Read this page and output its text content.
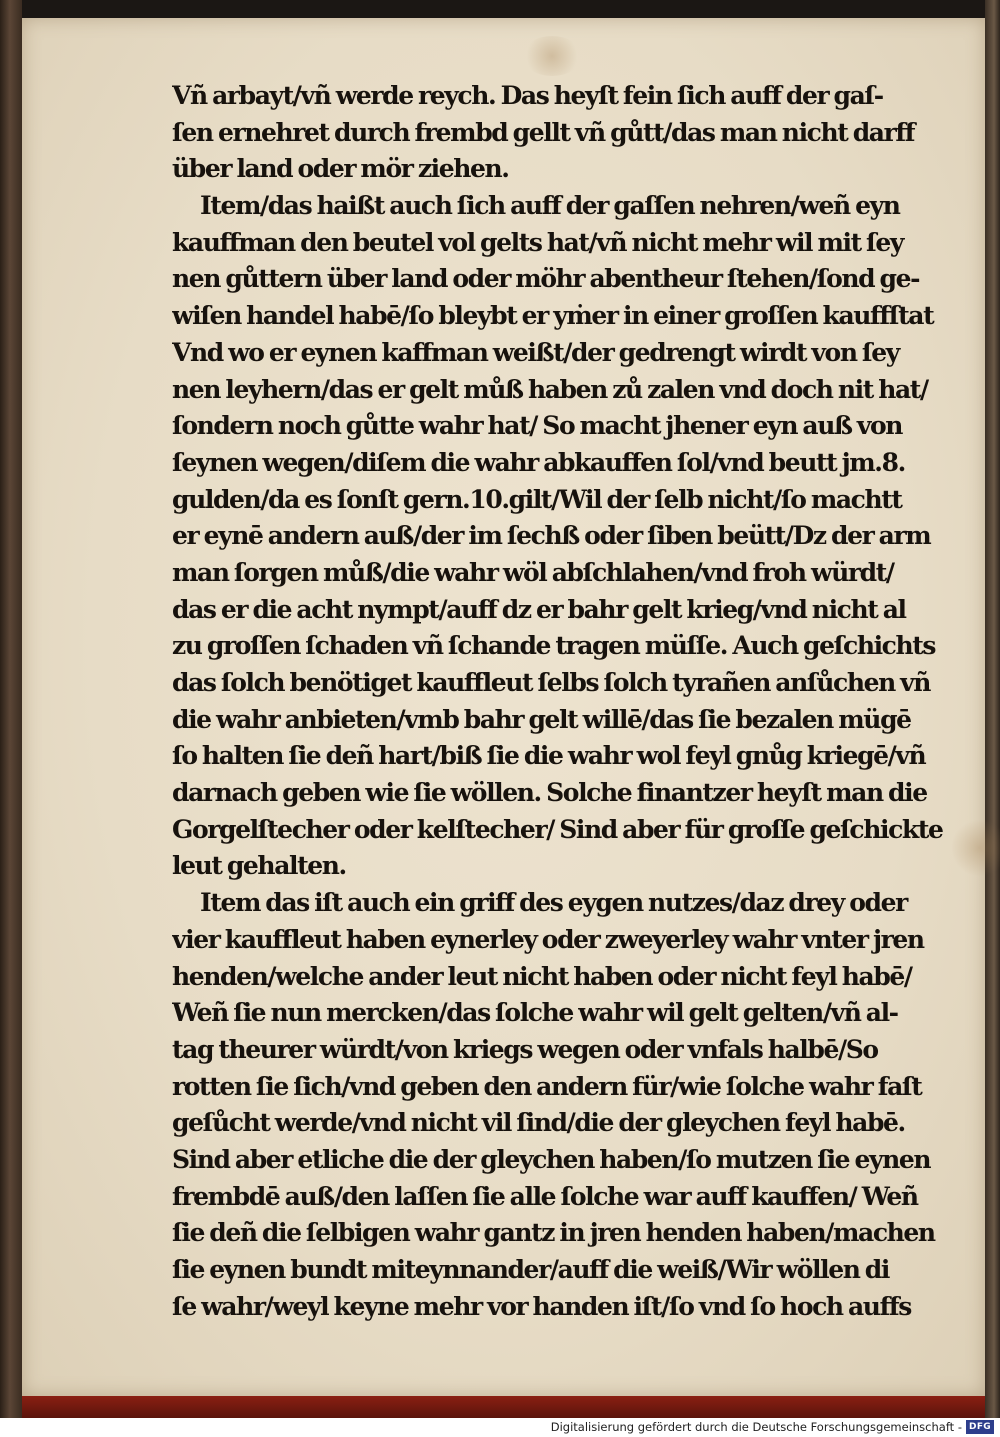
Vñ arbayt/vñ werde reych. Das heyſt fein ſich auff der gaſ-
ſen ernehret durch frembd gellt vñ gůtt/das man nicht darff
über land oder mör ziehen.
Item/das haißt auch ſich auff der gaſſen nehren/weñ eyn
kauffman den beutel vol gelts hat/vñ nicht mehr wil mit ſey
nen gůttern über land oder möhr abentheur ſtehen/ſond ge-
wiſen handel habē/ſo bleybt er yṁer in einer groſſen kauffſtat
Vnd wo er eynen kaffman weißt/der gedrengt wirdt von ſey
nen leyhern/das er gelt můß haben zů zalen vnd doch nit hat/
ſondern noch gůtte wahr hat/ So macht jhener eyn auß von
ſeynen wegen/diſem die wahr abkauffen ſol/vnd beutt jm.8.
gulden/da es ſonſt gern.10.gilt/Wil der ſelb nicht/ſo machtt
er eynē andern auß/der im ſechß oder ſiben beütt/Dz der arm
man ſorgen můß/die wahr wöl abſchlahen/vnd froh würdt/
das er die acht nympt/auff dz er bahr gelt krieg/vnd nicht al
zu groſſen ſchaden vñ ſchande tragen müſſe. Auch geſchichts
das ſolch benötiget kauffleut ſelbs ſolch tyrañen anſůchen vñ
die wahr anbieten/vmb bahr gelt willē/das ſie bezalen mügē
ſo halten ſie deñ hart/biß ſie die wahr wol feyl gnůg kriegē/vñ
darnach geben wie ſie wöllen. Solche finantzer heyſt man die
Gorgelſtecher oder kelſtecher/ Sind aber für groſſe geſchickte
leut gehalten.
Item das iſt auch ein griff des eygen nutzes/daz drey oder
vier kauffleut haben eynerley oder zweyerley wahr vnter jren
henden/welche ander leut nicht haben oder nicht feyl habē/
Weñ ſie nun mercken/das ſolche wahr wil gelt gelten/vñ al-
tag theurer würdt/von kriegs wegen oder vnfals halbē/So
rotten ſie ſich/vnd geben den andern für/wie ſolche wahr faſt
geſůcht werde/vnd nicht vil ſind/die der gleychen feyl habē.
Sind aber etliche die der gleychen haben/ſo mutzen ſie eynen
frembdē auß/den laſſen ſie alle ſolche war auff kauffen/ Weñ
ſie deñ die ſelbigen wahr gantz in jren henden haben/machen
ſie eynen bundt miteynnander/auff die weiß/Wir wöllen di
ſe wahr/weyl keyne mehr vor handen iſt/ſo vnd ſo hoch auffs
Digitalisierung gefördert durch die Deutsche Forschungsgemeinschaft - DFG
